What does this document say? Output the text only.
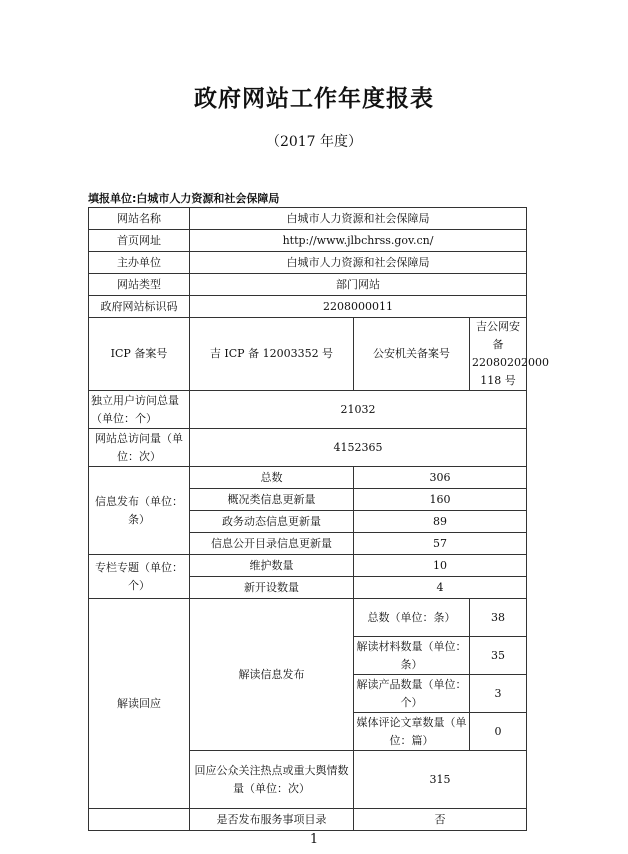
政府网站工作年度报表
（2017 年度）
填报单位:白城市人力资源和社会保障局
网站名称	白城市人力资源和社会保障局		
首页网址	http://www.jlbchrss.gov.cn/		
主办单位	白城市人力资源和社会保障局		
网站类型	部门网站		
政府网站标识码	2208000011		
ICP 备案号	吉 ICP 备 12003352 号	公安机关备案号	吉公网安备 22080202000 118 号
独立用户访问总量（单位：个）	21032		
网站总访问量（单位：次）	4152365		
信息发布（单位：条）	总数	306	
	概况类信息更新量	160	
	政务动态信息更新量	89	
	信息公开目录信息更新量	57	
专栏专题（单位：个）	维护数量	10	
	新开设数量	4	
解读回应	解读信息发布	总数（单位：条）	38
		解读材料数量（单位：条）	35
		解读产品数量（单位：个）	3
		媒体评论文章数量（单位：篇）	0
	回应公众关注热点或重大舆情数量（单位：次）	315	
	是否发布服务事项目录	否	
1
